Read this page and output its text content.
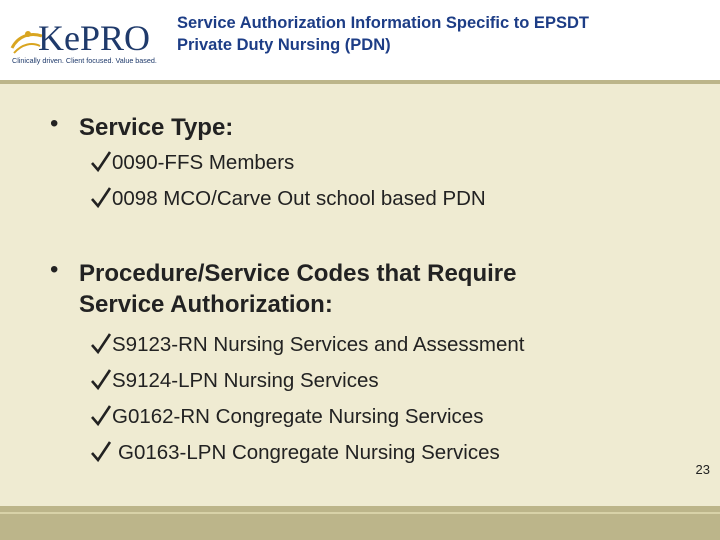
KePRO
Clinically driven. Client focused. Value based.
Service Authorization Information Specific to EPSDT
Private Duty Nursing (PDN)
• Service Type:
0090-FFS Members
0098 MCO/Carve Out school based PDN
• Procedure/Service Codes that Require
Service Authorization:
S9123-RN Nursing Services and Assessment
S9124-LPN Nursing Services
G0162-RN Congregate Nursing Services
G0163-LPN Congregate Nursing Services
23
